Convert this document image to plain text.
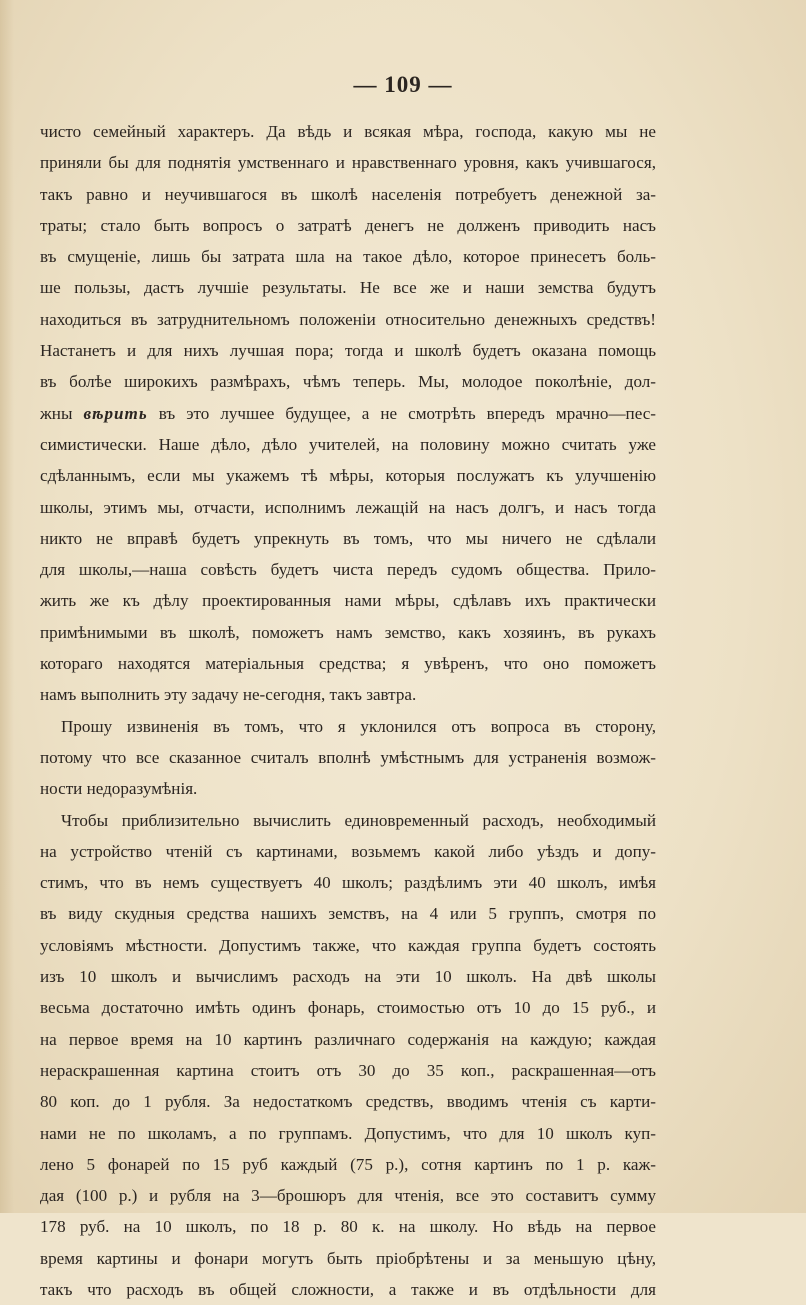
— 109 —
чисто семейный характеръ. Да вѣдь и всякая мѣра, господа, какую мы не
приняли бы для поднятія умственнаго и нравственнаго уровня, какъ учившагося,
такъ равно и неучившагося въ школѣ населенія потребуетъ денежной за-
траты; стало быть вопросъ о затратѣ денегъ не долженъ приводить насъ
въ смущеніе, лишь бы затрата шла на такое дѣло, которое принесетъ боль-
ше пользы, дастъ лучшіе результаты. Не все же и наши земства будутъ
находиться въ затруднительномъ положеніи относительно денежныхъ средствъ!
Настанетъ и для нихъ лучшая пора; тогда и школѣ будетъ оказана помощь
въ болѣе широкихъ размѣрахъ, чѣмъ теперь. Мы, молодое поколѣніе, дол-
жны вѣрить въ это лучшее будущее, а не смотрѣть впередъ мрачно—пес-
симистически. Наше дѣло, дѣло учителей, на половину можно считать уже
сдѣланнымъ, если мы укажемъ тѣ мѣры, которыя послужатъ къ улучшенію
школы, этимъ мы, отчасти, исполнимъ лежащій на насъ долгъ, и насъ тогда
никто не вправѣ будетъ упрекнуть въ томъ, что мы ничего не сдѣлали
для школы,—наша совѣсть будетъ чиста передъ судомъ общества. Прило-
жить же къ дѣлу проектированныя нами мѣры, сдѣлавъ ихъ практически
примѣнимыми въ школѣ, поможетъ намъ земство, какъ хозяинъ, въ рукахъ
котораго находятся матеріальныя средства; я увѣренъ, что оно поможетъ
намъ выполнить эту задачу не-сегодня, такъ завтра.
Прошу извиненія въ томъ, что я уклонился отъ вопроса въ сторону,
потому что все сказанное считалъ вполнѣ умѣстнымъ для устраненія возмож-
ности недоразумѣнія.
Чтобы приблизительно вычислить единовременный расходъ, необходимый
на устройство чтеній съ картинами, возьмемъ какой либо уѣздъ и допу-
стимъ, что въ немъ существуетъ 40 школъ; раздѣлимъ эти 40 школъ, имѣя
въ виду скудныя средства нашихъ земствъ, на 4 или 5 группъ, смотря по
условіямъ мѣстности. Допустимъ также, что каждая группа будетъ состоять
изъ 10 школъ и вычислимъ расходъ на эти 10 школъ. На двѣ школы
весьма достаточно имѣть одинъ фонарь, стоимостью отъ 10 до 15 руб., и
на первое время на 10 картинъ различнаго содержанія на каждую; каждая
нераскрашенная картина стоитъ отъ 30 до 35 коп., раскрашенная—отъ
80 коп. до 1 рубля. За недостаткомъ средствъ, вводимъ чтенія съ карти-
нами не по школамъ, а по группамъ. Допустимъ, что для 10 школъ куп-
лено 5 фонарей по 15 руб каждый (75 р.), сотня картинъ по 1 р. каж-
дая (100 р.) и рубля на 3—брошюръ для чтенія, все это составитъ сумму
178 руб. на 10 школъ, по 18 р. 80 к. на школу. Но вѣдь на первое
время картины и фонари могутъ быть пріобрѣтены и за меньшую цѣну,
такъ что расходъ въ общей сложности, а также и въ отдѣльности для
